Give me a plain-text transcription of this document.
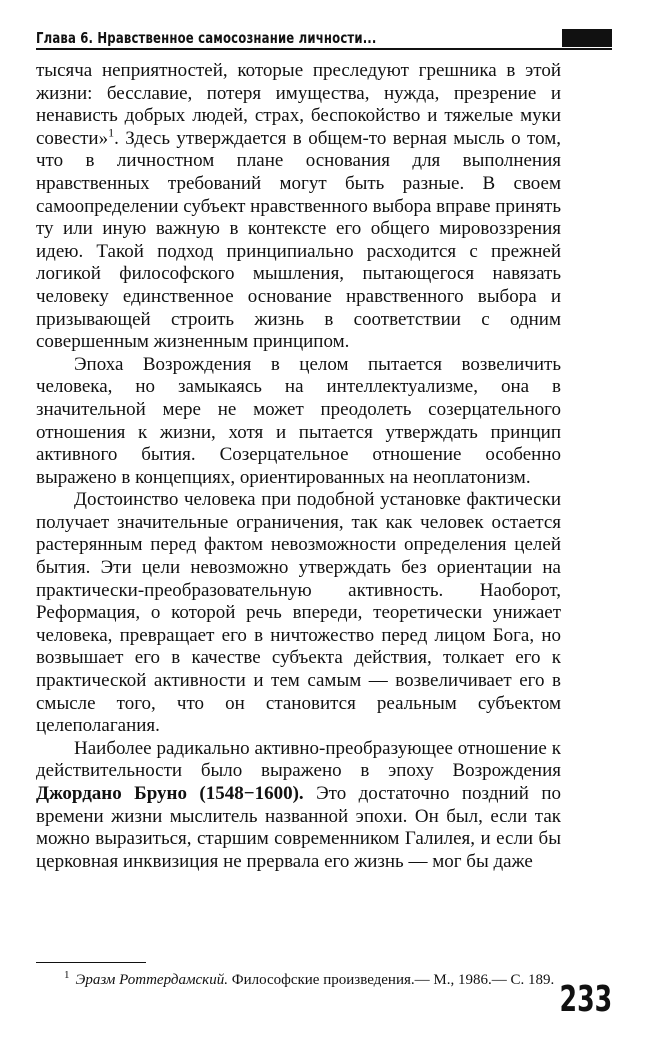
Глава 6. Нравственное самосознание личности...

тысяча неприятностей, которые преследуют грешника в этой жизни: бесславие, потеря имущества, нужда, презрение и ненависть добрых людей, страх, беспокойство и тяжелые муки совести»$^1$. Здесь утверждается в общем-то верная мысль о том, что в личностном плане основания для выполнения нравственных требований могут быть разные. В своем самоопределении субъект нравственного выбора вправе принять ту или иную важную в контексте его общего мировоззрения идею. Такой подход принципиально расходится с прежней логикой философского мышления, пытающегося навязать человеку единственное основание нравственного выбора и призывающей строить жизнь в соответствии с одним совершенным жизненным принципом.

Эпоха Возрождения в целом пытается возвеличить человека, но замыкаясь на интеллектуализме, она в значительной мере не может преодолеть созерцательного отношения к жизни, хотя и пытается утверждать принцип активного бытия. Созерцательное отношение особенно выражено в концепциях, ориентированных на неоплатонизм.

Достоинство человека при подобной установке фактически получает значительные ограничения, так как человек остается растерянным перед фактом невозможности определения целей бытия. Эти цели невозможно утверждать без ориентации на практически-преобразовательную активность. Наоборот, Реформация, о которой речь впереди, теоретически унижает человека, превращает его в ничтожество перед лицом Бога, но возвышает его в качестве субъекта действия, толкает его к практической активности и тем самым — возвеличивает его в смысле того, что он становится реальным субъектом целеполагания.

Наиболее радикально активно-преобразующее отношение к действительности было выражено в эпоху Возрождения Джордано Бруно (1548−1600). Это достаточно поздний по времени жизни мыслитель названной эпохи. Он был, если так можно выразиться, старшим современником Галилея, и если бы церковная инквизиция не прервала его жизнь — мог бы даже

$^1$ Эразм Роттердамский. Философские произведения.— М., 1986.— С. 189. 233
